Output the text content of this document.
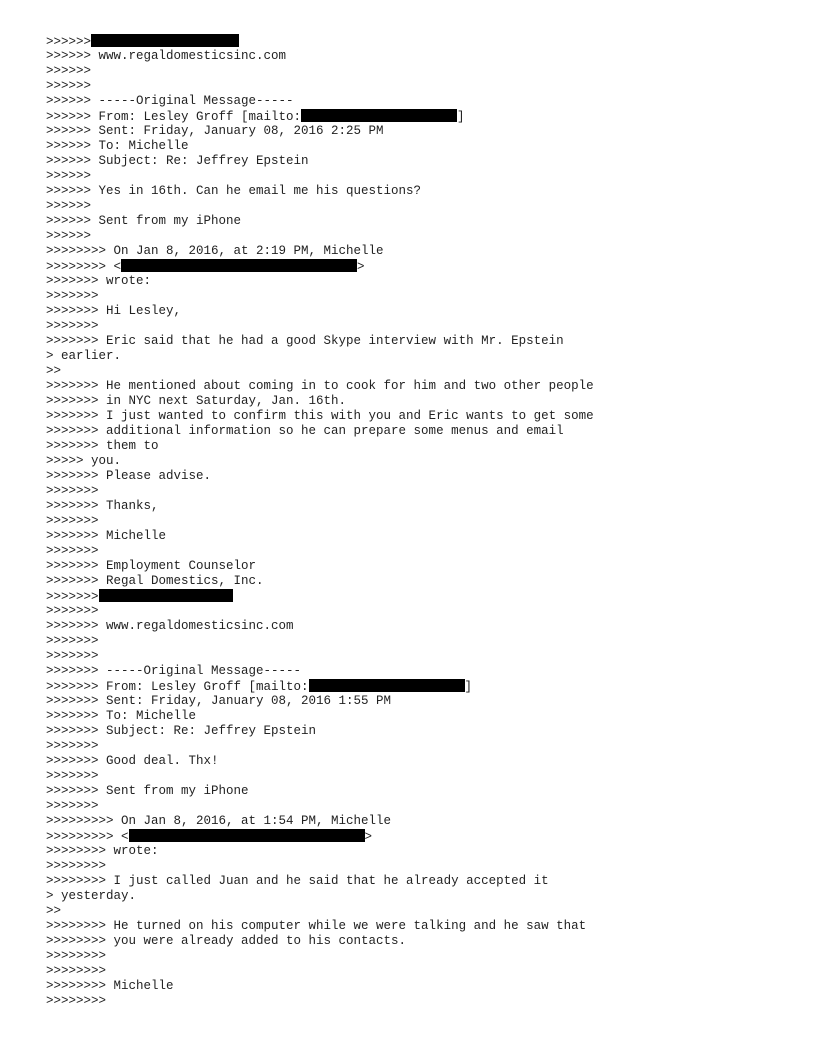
>>>>>>
>>>>>> www.regaldomesticsinc.com
>>>>>>
>>>>>>
>>>>>> -----Original Message-----
>>>>>> From: Lesley Groff [mailto:	]
>>>>>> Sent: Friday, January 08, 2016 2:25 PM
>>>>>> To: Michelle
>>>>>> Subject: Re: Jeffrey Epstein
>>>>>>
>>>>>> Yes in 16th. Can he email me his questions?
>>>>>>
>>>>>> Sent from my iPhone
>>>>>>
>>>>>>>> On Jan 8, 2016, at 2:19 PM, Michelle
>>>>>>>> <	>
>>>>>>> wrote:
>>>>>>>
>>>>>>> Hi Lesley,
>>>>>>>
>>>>>>> Eric said that he had a good Skype interview with Mr. Epstein
> earlier.
>>
>>>>>>> He mentioned about coming in to cook for him and two other people
>>>>>>> in NYC next Saturday, Jan. 16th.
>>>>>>> I just wanted to confirm this with you and Eric wants to get some
>>>>>>> additional information so he can prepare some menus and email
>>>>>>> them to
>>>>> you.
>>>>>>> Please advise.
>>>>>>>
>>>>>>> Thanks,
>>>>>>>
>>>>>>> Michelle
>>>>>>>
>>>>>>> Employment Counselor
>>>>>>> Regal Domestics, Inc.
>>>>>>>
>>>>>>>
>>>>>>> www.regaldomesticsinc.com
>>>>>>>
>>>>>>>
>>>>>>> -----Original Message-----
>>>>>>> From: Lesley Groff [mailto:	]
>>>>>>> Sent: Friday, January 08, 2016 1:55 PM
>>>>>>> To: Michelle
>>>>>>> Subject: Re: Jeffrey Epstein
>>>>>>>
>>>>>>> Good deal. Thx!
>>>>>>>
>>>>>>> Sent from my iPhone
>>>>>>>
>>>>>>>>> On Jan 8, 2016, at 1:54 PM, Michelle
>>>>>>>>> <	>
>>>>>>>> wrote:
>>>>>>>>
>>>>>>>> I just called Juan and he said that he already accepted it
> yesterday.
>>
>>>>>>>> He turned on his computer while we were talking and he saw that
>>>>>>>> you were already added to his contacts.
>>>>>>>>
>>>>>>>>
>>>>>>>> Michelle
>>>>>>>>
